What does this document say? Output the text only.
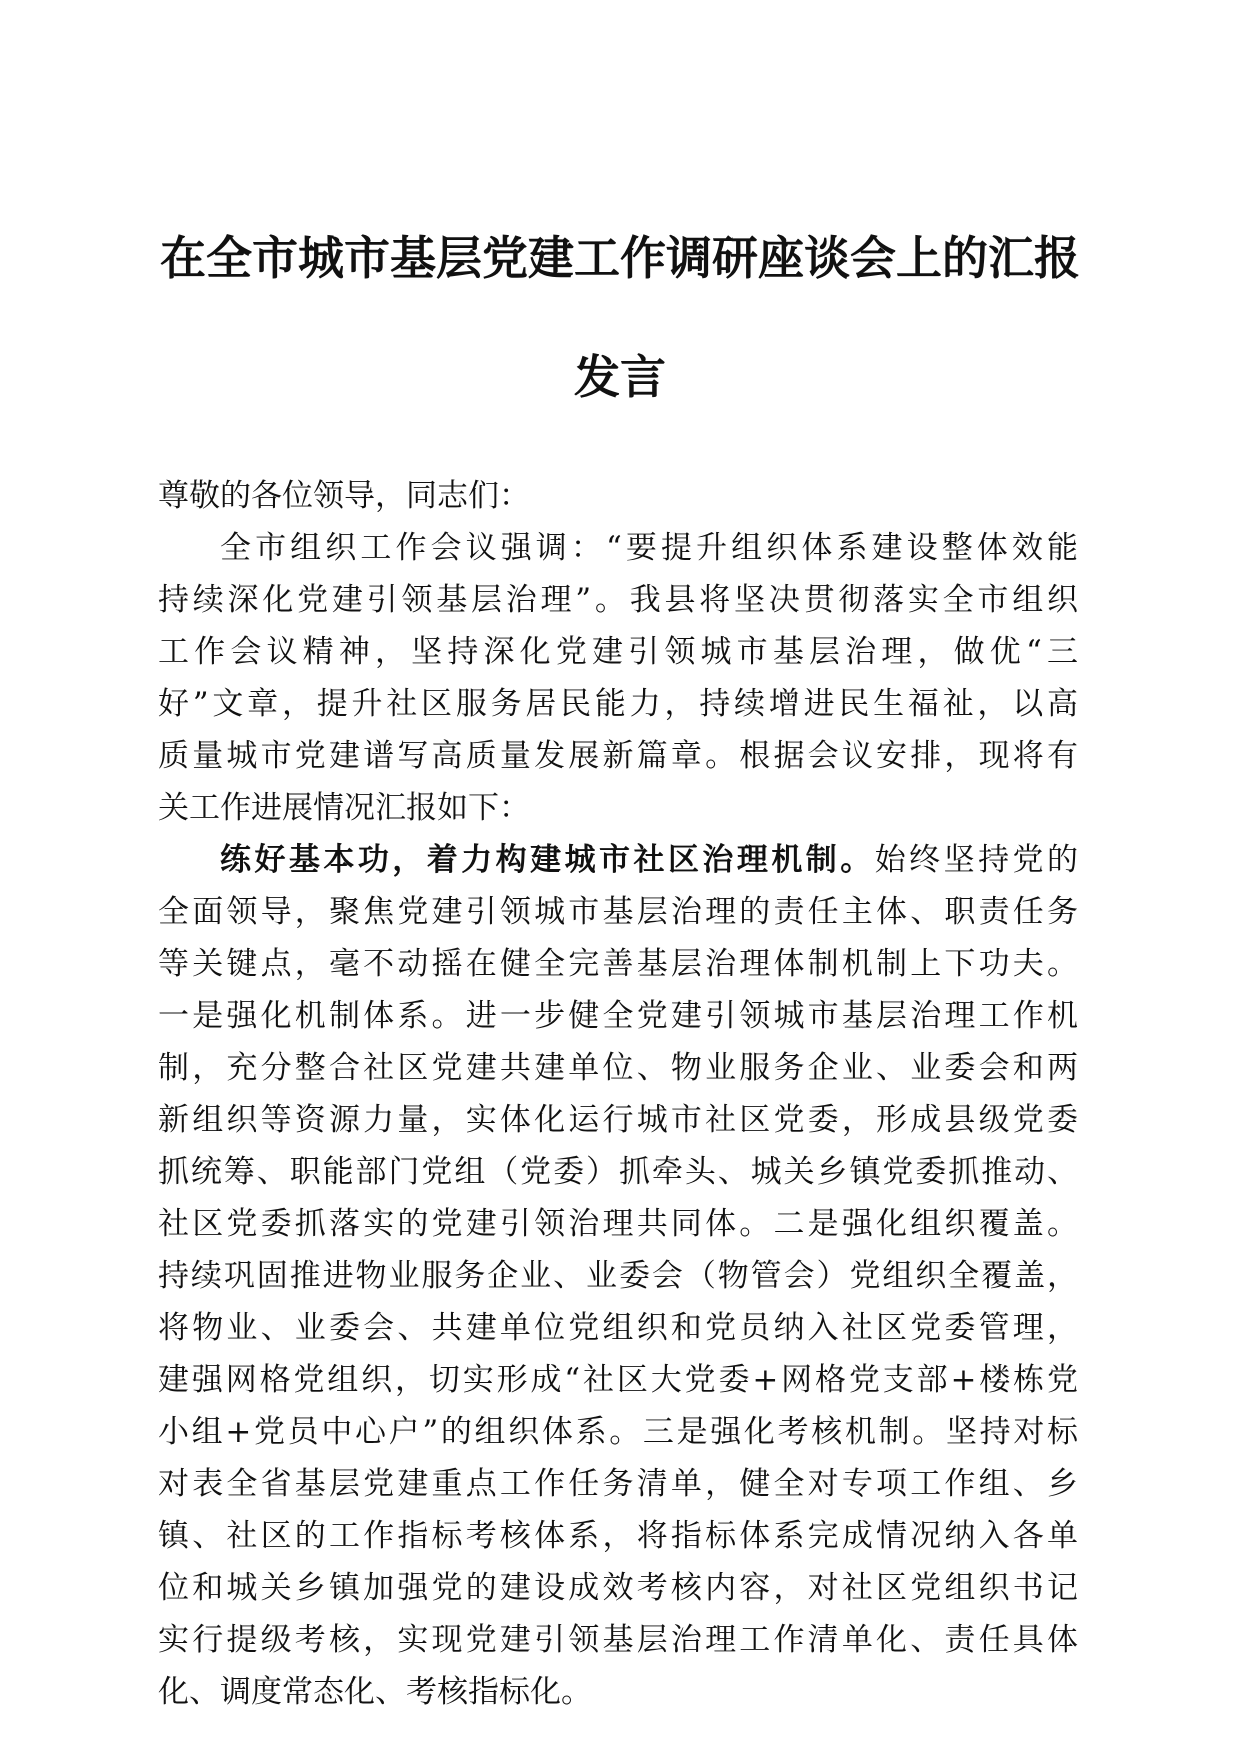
在全市城市基层党建工作调研座谈会上的汇报
发言
尊敬的各位领导，同志们：
全市组织工作会议强调：“要提升组织体系建设整体效能
持续深化党建引领基层治理”。我县将坚决贯彻落实全市组织
工作会议精神，坚持深化党建引领城市基层治理，做优“三
好”文章，提升社区服务居民能力，持续增进民生福祉，以高
质量城市党建谱写高质量发展新篇章。根据会议安排，现将有
关工作进展情况汇报如下：
练好基本功，着力构建城市社区治理机制。始终坚持党的
全面领导，聚焦党建引领城市基层治理的责任主体、职责任务
等关键点，毫不动摇在健全完善基层治理体制机制上下功夫。
一是强化机制体系。进一步健全党建引领城市基层治理工作机
制，充分整合社区党建共建单位、物业服务企业、业委会和两
新组织等资源力量，实体化运行城市社区党委，形成县级党委
抓统筹、职能部门党组（党委）抓牵头、城关乡镇党委抓推动、
社区党委抓落实的党建引领治理共同体。二是强化组织覆盖。
持续巩固推进物业服务企业、业委会（物管会）党组织全覆盖，
将物业、业委会、共建单位党组织和党员纳入社区党委管理，
建强网格党组织，切实形成“社区大党委+网格党支部+楼栋党
小组+党员中心户”的组织体系。三是强化考核机制。坚持对标
对表全省基层党建重点工作任务清单，健全对专项工作组、乡
镇、社区的工作指标考核体系，将指标体系完成情况纳入各单
位和城关乡镇加强党的建设成效考核内容，对社区党组织书记
实行提级考核，实现党建引领基层治理工作清单化、责任具体
化、调度常态化、考核指标化。
